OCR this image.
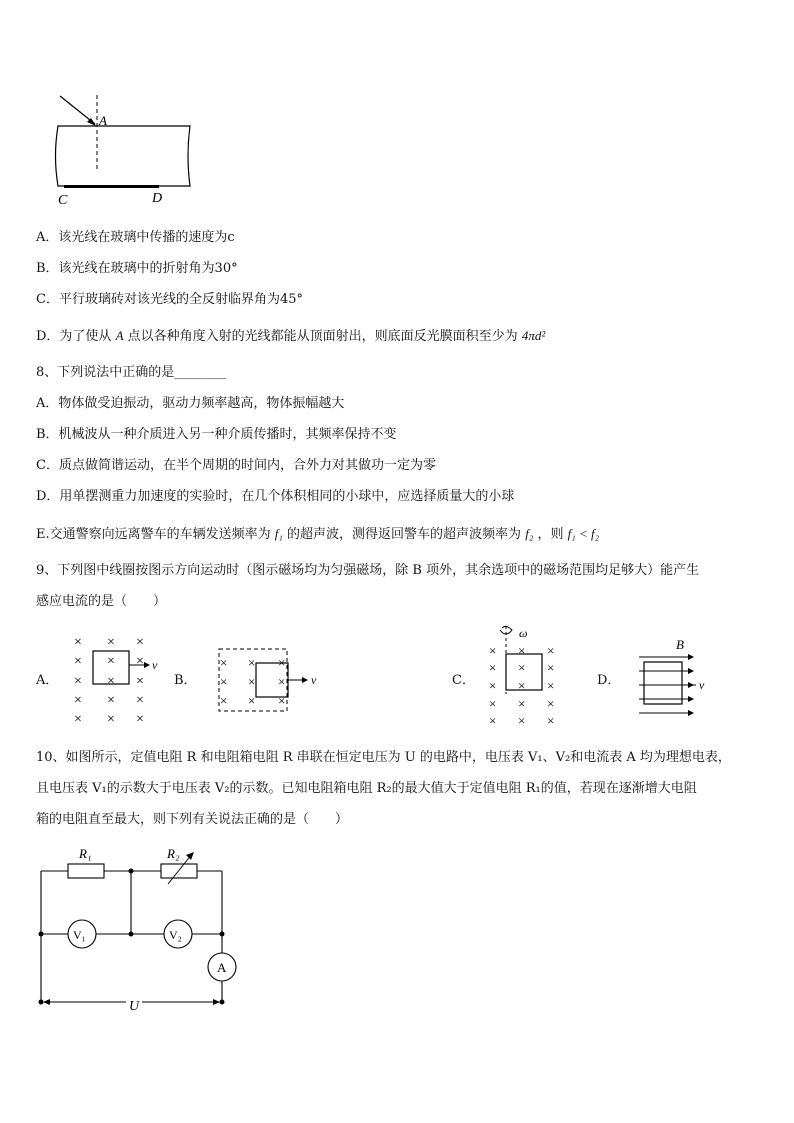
A
C	D
A．该光线在玻璃中传播的速度为c
B．该光线在玻璃中的折射角为30°
C．平行玻璃砖对该光线的全反射临界角为45°
D．为了使从 A 点以各种角度入射的光线都能从顶面射出，则底面反光膜面积至少为 4πd²
8、下列说法中正确的是________
A．物体做受迫振动，驱动力频率越高，物体振幅越大
B．机械波从一种介质进入另一种介质传播时，其频率保持不变
C．质点做简谐运动，在半个周期的时间内，合外力对其做功一定为零
D．用单摆测重力加速度的实验时，在几个体积相同的小球中，应选择质量大的小球
E.交通警察向远离警车的车辆发送频率为 f₁ 的超声波，测得返回警车的超声波频率为 f₂ ，则 f₁ < f₂
9、下列图中线圈按图示方向运动时（图示磁场均为匀强磁场，除 B 项外，其余选项中的磁场范围均足够大）能产生
感应电流的是（　　）
A．	B．	C．	D．
× × ×
× × ×
× × ×
× × ×
× × ×
v	× × ×
× × ×
× × ×
v
ω
× × ×
× × ×
× × ×
× × ×
× × ×
B
v
10、如图所示，定值电阻 R 和电阻箱电阻 R 串联在恒定电压为 U 的电路中，电压表 V₁、V₂和电流表 A 均为理想电表，
且电压表 V₁的示数大于电压表 V₂的示数。已知电阻箱电阻 R₂的最大值大于定值电阻 R₁的值，若现在逐渐增大电阻
箱的电阻直至最大，则下列有关说法正确的是（　　）
R₁	R₂
V₁	V₂
A
U
